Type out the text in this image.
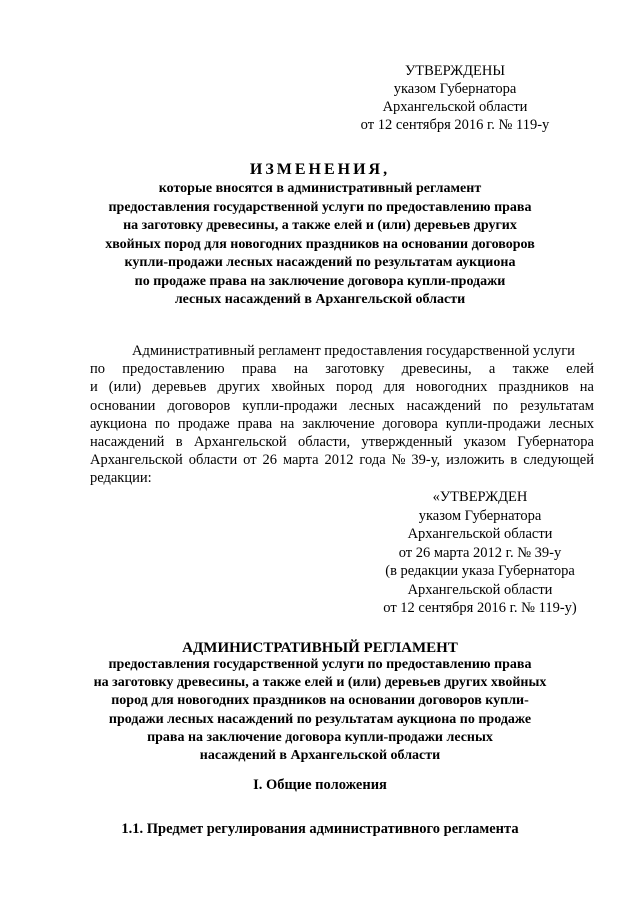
УТВЕРЖДЕНЫ
указом Губернатора
Архангельской области
от 12 сентября 2016 г. № 119-у
ИЗМЕНЕНИЯ,
которые вносятся в административный регламент
предоставления государственной услуги по предоставлению права
на заготовку древесины, а также елей и (или) деревьев других
хвойных пород для новогодних праздников на основании договоров
купли-продажи лесных насаждений по результатам аукциона
по продаже права на заключение договора купли-продажи
лесных насаждений в Архангельской области
Административный регламент предоставления государственной услуги
по предоставлению права на заготовку древесины, а также елей
и (или) деревьев других хвойных пород для новогодних праздников на
основании договоров купли-продажи лесных насаждений по результатам
аукциона по продаже права на заключение договора купли-продажи лесных
насаждений в Архангельской области, утвержденный указом Губернатора
Архангельской области от 26 марта 2012 года № 39-у, изложить в следующей
редакции:
«УТВЕРЖДЕН
указом Губернатора
Архангельской области
от 26 марта 2012 г. № 39-у
(в редакции указа Губернатора
Архангельской области
от 12 сентября 2016 г. № 119-у)
АДМИНИСТРАТИВНЫЙ РЕГЛАМЕНТ
предоставления государственной услуги по предоставлению права
на заготовку древесины, а также елей и (или) деревьев других хвойных
пород для новогодних праздников на основании договоров купли-
продажи лесных насаждений по результатам аукциона по продаже
права на заключение договора купли-продажи лесных
насаждений в Архангельской области
I. Общие положения
1.1. Предмет регулирования административного регламента
